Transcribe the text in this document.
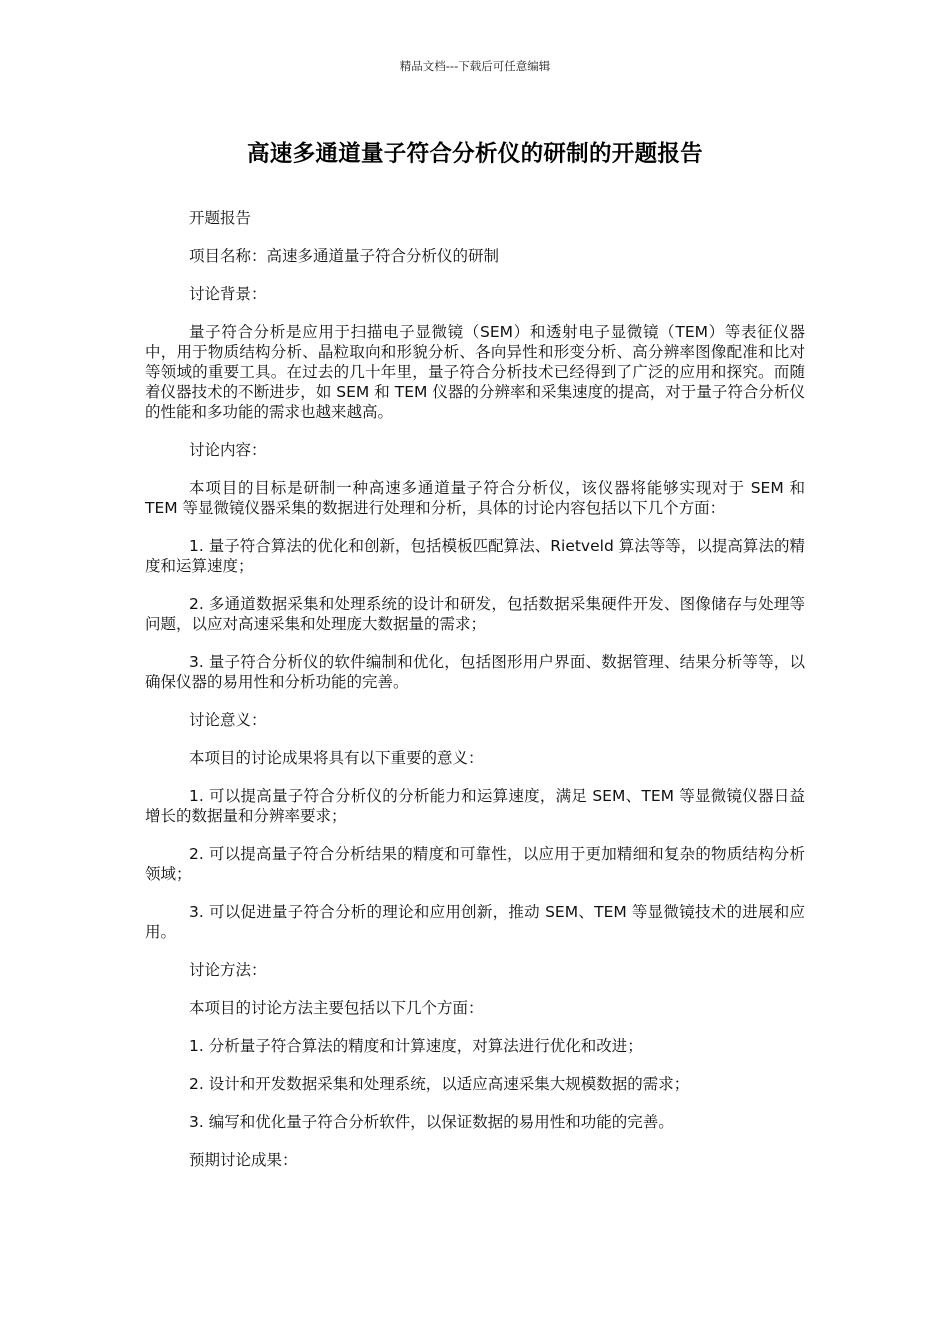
精品文档---下载后可任意编辑
高速多通道量子符合分析仪的研制的开题报告

开题报告

项目名称：高速多通道量子符合分析仪的研制

讨论背景：

量子符合分析是应用于扫描电子显微镜（SEM）和透射电子显微镜（TEM）等表征仪器中，用于物质结构分析、晶粒取向和形貌分析、各向异性和形变分析、高分辨率图像配准和比对等领域的重要工具。在过去的几十年里，量子符合分析技术已经得到了广泛的应用和探究。而随着仪器技术的不断进步，如 SEM 和 TEM 仪器的分辨率和采集速度的提高，对于量子符合分析仪的性能和多功能的需求也越来越高。

讨论内容：

本项目的目标是研制一种高速多通道量子符合分析仪，该仪器将能够实现对于 SEM 和 TEM 等显微镜仪器采集的数据进行处理和分析，具体的讨论内容包括以下几个方面：

1. 量子符合算法的优化和创新，包括模板匹配算法、Rietveld 算法等等，以提高算法的精度和运算速度；

2. 多通道数据采集和处理系统的设计和研发，包括数据采集硬件开发、图像储存与处理等问题，以应对高速采集和处理庞大数据量的需求；

3. 量子符合分析仪的软件编制和优化，包括图形用户界面、数据管理、结果分析等等，以确保仪器的易用性和分析功能的完善。

讨论意义：

本项目的讨论成果将具有以下重要的意义：

1. 可以提高量子符合分析仪的分析能力和运算速度，满足 SEM、TEM 等显微镜仪器日益增长的数据量和分辨率要求；

2. 可以提高量子符合分析结果的精度和可靠性，以应用于更加精细和复杂的物质结构分析领域；

3. 可以促进量子符合分析的理论和应用创新，推动 SEM、TEM 等显微镜技术的进展和应用。

讨论方法：

本项目的讨论方法主要包括以下几个方面：

1. 分析量子符合算法的精度和计算速度，对算法进行优化和改进；

2. 设计和开发数据采集和处理系统，以适应高速采集大规模数据的需求；

3. 编写和优化量子符合分析软件，以保证数据的易用性和功能的完善。

预期讨论成果：
